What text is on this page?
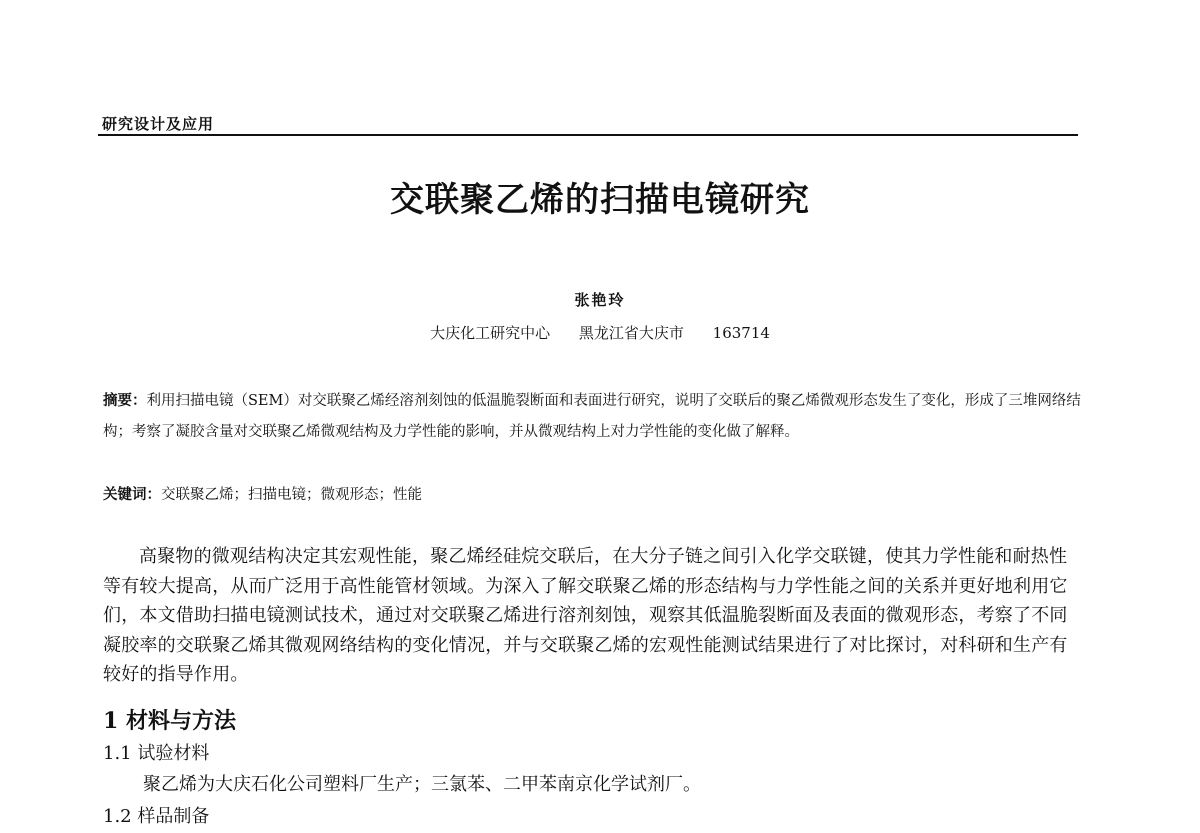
研究设计及应用
交联聚乙烯的扫描电镜研究
张艳玲
大庆化工研究中心 黑龙江省大庆市 163714
摘要：利用扫描电镜（SEM）对交联聚乙烯经溶剂刻蚀的低温脆裂断面和表面进行研究，说明了交联后的聚乙烯微观形态发生了变化，形成了三堆网络结构；考察了凝胶含量对交联聚乙烯微观结构及力学性能的影响，并从微观结构上对力学性能的变化做了解释。
关键词：交联聚乙烯；扫描电镜；微观形态；性能
高聚物的微观结构决定其宏观性能，聚乙烯经硅烷交联后，在大分子链之间引入化学交联键，使其力学性能和耐热性等有较大提高，从而广泛用于高性能管材领域。为深入了解交联聚乙烯的形态结构与力学性能之间的关系并更好地利用它们，本文借助扫描电镜测试技术，通过对交联聚乙烯进行溶剂刻蚀，观察其低温脆裂断面及表面的微观形态，考察了不同凝胶率的交联聚乙烯其微观网络结构的变化情况，并与交联聚乙烯的宏观性能测试结果进行了对比探讨，对科研和生产有较好的指导作用。
1 材料与方法
1.1 试验材料
聚乙烯为大庆石化公司塑料厂生产；三氯苯、二甲苯南京化学试剂厂。
1.2 样品制备
